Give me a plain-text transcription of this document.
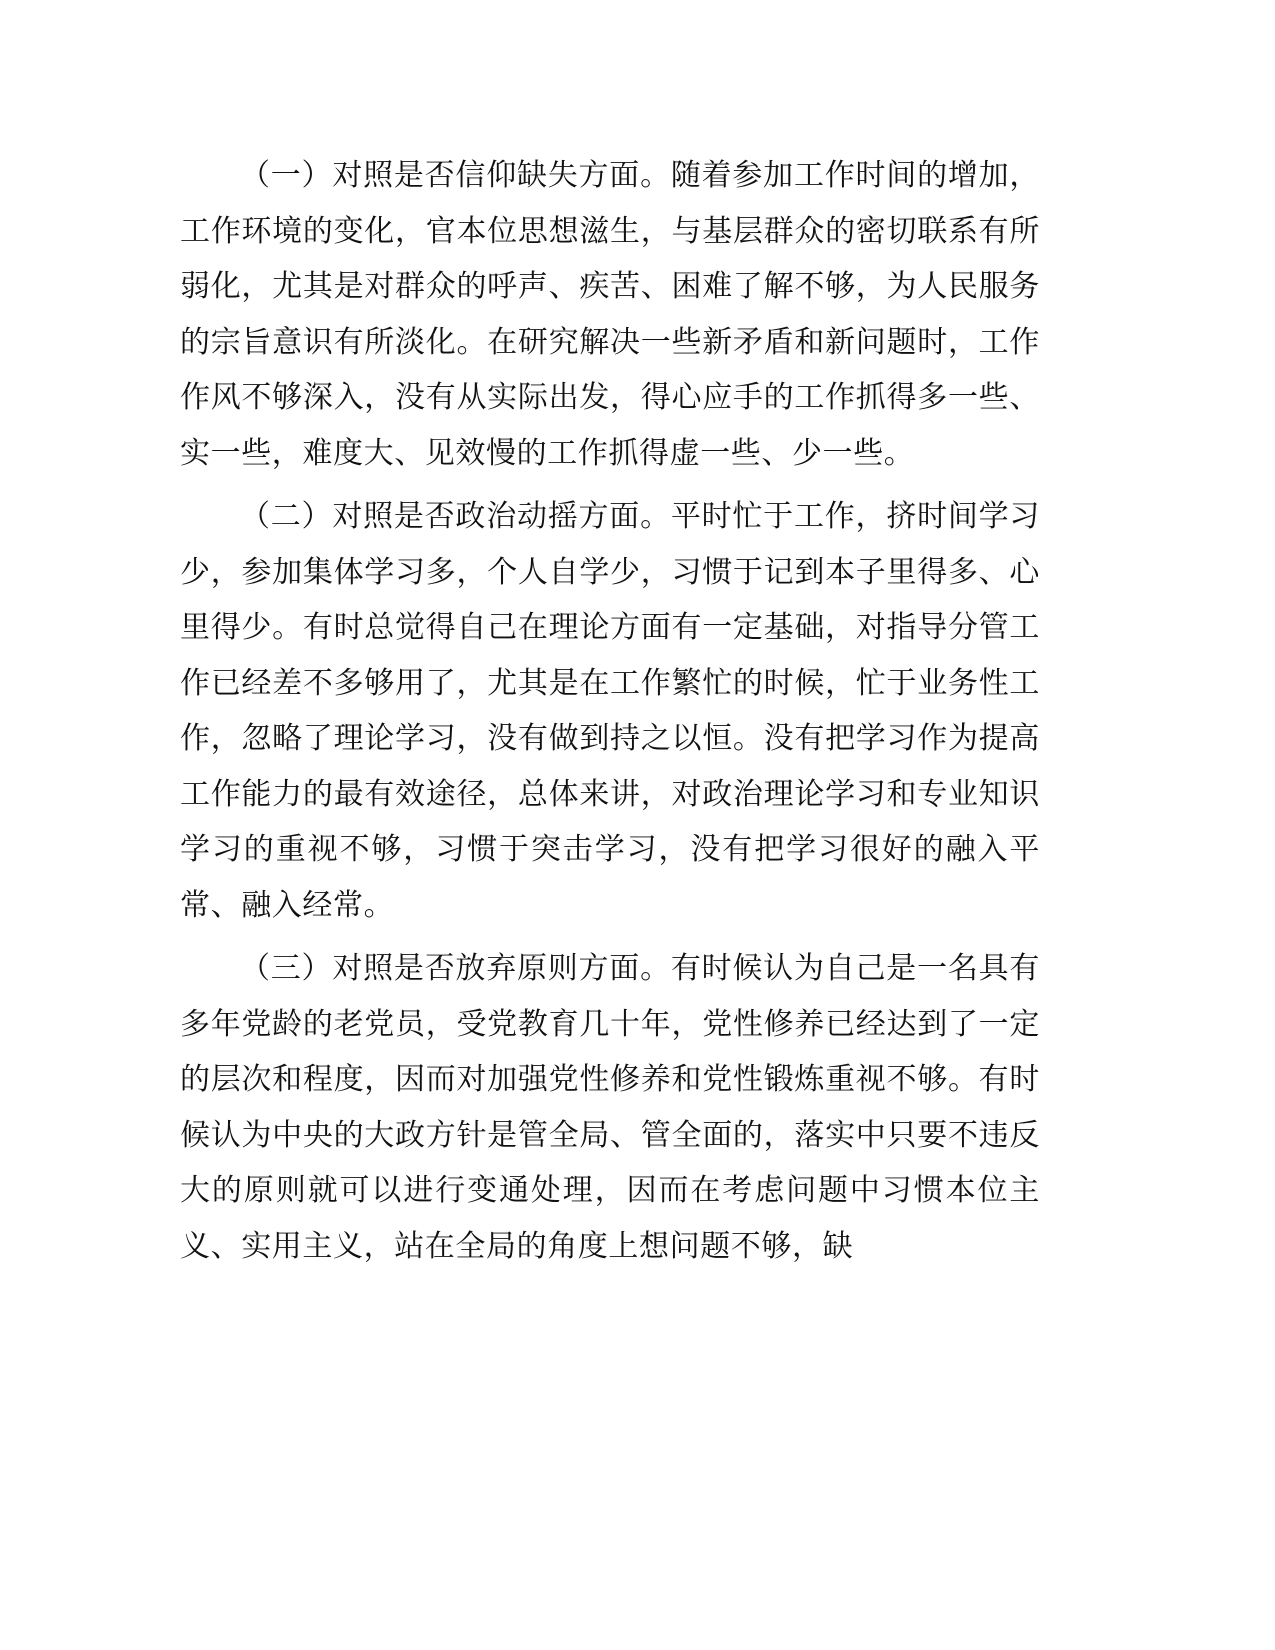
（一）对照是否信仰缺失方面。随着参加工作时间的增加，工作环境的变化，官本位思想滋生，与基层群众的密切联系有所弱化，尤其是对群众的呼声、疾苦、困难了解不够，为人民服务的宗旨意识有所淡化。在研究解决一些新矛盾和新问题时，工作作风不够深入，没有从实际出发，得心应手的工作抓得多一些、实一些，难度大、见效慢的工作抓得虚一些、少一些。

（二）对照是否政治动摇方面。平时忙于工作，挤时间学习少，参加集体学习多，个人自学少，习惯于记到本子里得多、心里得少。有时总觉得自己在理论方面有一定基础，对指导分管工作已经差不多够用了，尤其是在工作繁忙的时候，忙于业务性工作，忽略了理论学习，没有做到持之以恒。没有把学习作为提高工作能力的最有效途径，总体来讲，对政治理论学习和专业知识学习的重视不够，习惯于突击学习，没有把学习很好的融入平常、融入经常。

（三）对照是否放弃原则方面。有时候认为自己是一名具有多年党龄的老党员，受党教育几十年，党性修养已经达到了一定的层次和程度，因而对加强党性修养和党性锻炼重视不够。有时候认为中央的大政方针是管全局、管全面的，落实中只要不违反大的原则就可以进行变通处理，因而在考虑问题中习惯本位主义、实用主义，站在全局的角度上想问题不够，缺
